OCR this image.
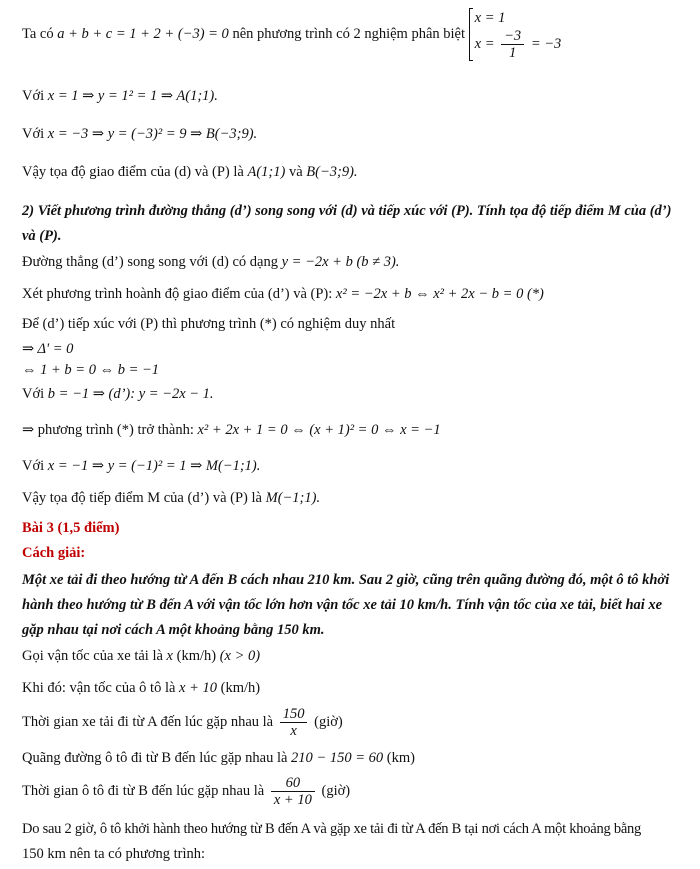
Ta có a + b + c = 1 + 2 + (−3) = 0 nên phương trình có 2 nghiệm phân biệt
x = 1
$x = \frac{-3}{1} = -3$
Với x = 1 ⇒ y = 1² = 1 ⇒ A(1;1).
Với x = −3 ⇒ y = (−3)² = 9 ⇒ B(−3;9).
Vậy tọa độ giao điểm của (d) và (P) là A(1;1) và B(−3;9).
2) Viết phương trình đường thẳng (d’) song song với (d) và tiếp xúc với (P). Tính tọa độ tiếp điểm M của (d’)
và (P).
Đường thẳng (d’) song song với (d) có dạng y = −2x + b (b ≠ 3).
Xét phương trình hoành độ giao điểm của (d’) và (P): x² = −2x + b ⇔ x² + 2x − b = 0 (*)
Để (d’) tiếp xúc với (P) thì phương trình (*) có nghiệm duy nhất
⇒ Δ' = 0
⇔ 1 + b = 0 ⇔ b = −1
Với b = −1 ⇒ (d’): y = −2x − 1.
⇒ phương trình (*) trở thành: x² + 2x + 1 = 0 ⇔ (x + 1)² = 0 ⇔ x = −1
Với x = −1 ⇒ y = (−1)² = 1 ⇒ M(−1;1).
Vậy tọa độ tiếp điểm M của (d’) và (P) là M(−1;1).
Bài 3 (1,5 điểm)
Cách giải:
Một xe tải đi theo hướng từ A đến B cách nhau 210 km. Sau 2 giờ, cũng trên quãng đường đó, một ô tô khởi
hành theo hướng từ B đến A với vận tốc lớn hơn vận tốc xe tải 10 km/h. Tính vận tốc của xe tải, biết hai xe
gặp nhau tại nơi cách A một khoảng bằng 150 km.
Gọi vận tốc của xe tải là x (km/h) (x > 0)
Khi đó: vận tốc của ô tô là x + 10 (km/h)
Thời gian xe tải đi từ A đến lúc gặp nhau là $\frac{150}{x}$ (giờ)
Quãng đường ô tô đi từ B đến lúc gặp nhau là 210 − 150 = 60 (km)
Thời gian ô tô đi từ B đến lúc gặp nhau là $\frac{60}{x + 10}$ (giờ)
Do sau 2 giờ, ô tô khởi hành theo hướng từ B đến A và gặp xe tải đi từ A đến B tại nơi cách A một khoảng bằng
150 km nên ta có phương trình:
